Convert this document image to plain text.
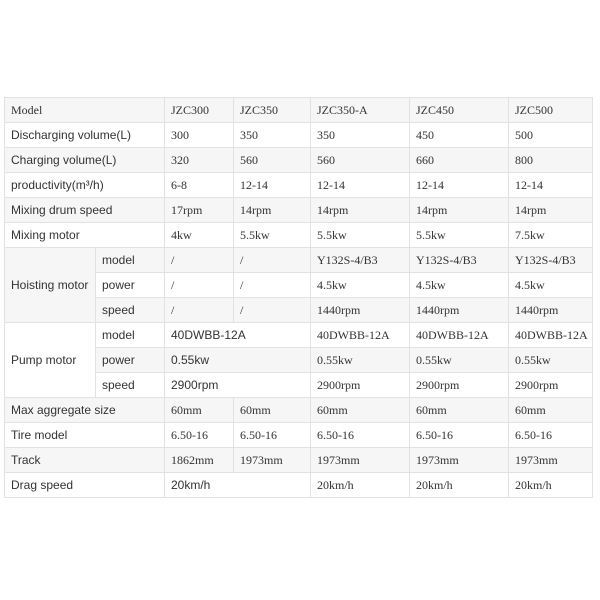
Model		JZC300	JZC350	JZC350-A	JZC450	JZC500
Discharging volume(L)		300	350	350	450	500
Charging volume(L)		320	560	560	660	800
productivity(m³/h)		6-8	12-14	12-14	12-14	12-14
Mixing drum speed		17rpm	14rpm	14rpm	14rpm	14rpm
Mixing motor		4kw	5.5kw	5.5kw	5.5kw	7.5kw
Hoisting motor	model	/	/	Y132S-4/B3	Y132S-4/B3	Y132S-4/B3
	power	/	/	4.5kw	4.5kw	4.5kw
	speed	/	/	1440rpm	1440rpm	1440rpm
Pump motor	model	40DWBB-12A		40DWBB-12A	40DWBB-12A	40DWBB-12A
	power	0.55kw		0.55kw	0.55kw	0.55kw
	speed	2900rpm		2900rpm	2900rpm	2900rpm
Max aggregate size		60mm	60mm	60mm	60mm	60mm
Tire model		6.50-16	6.50-16	6.50-16	6.50-16	6.50-16
Track		1862mm	1973mm	1973mm	1973mm	1973mm
Drag speed		20km/h		20km/h	20km/h	20km/h
